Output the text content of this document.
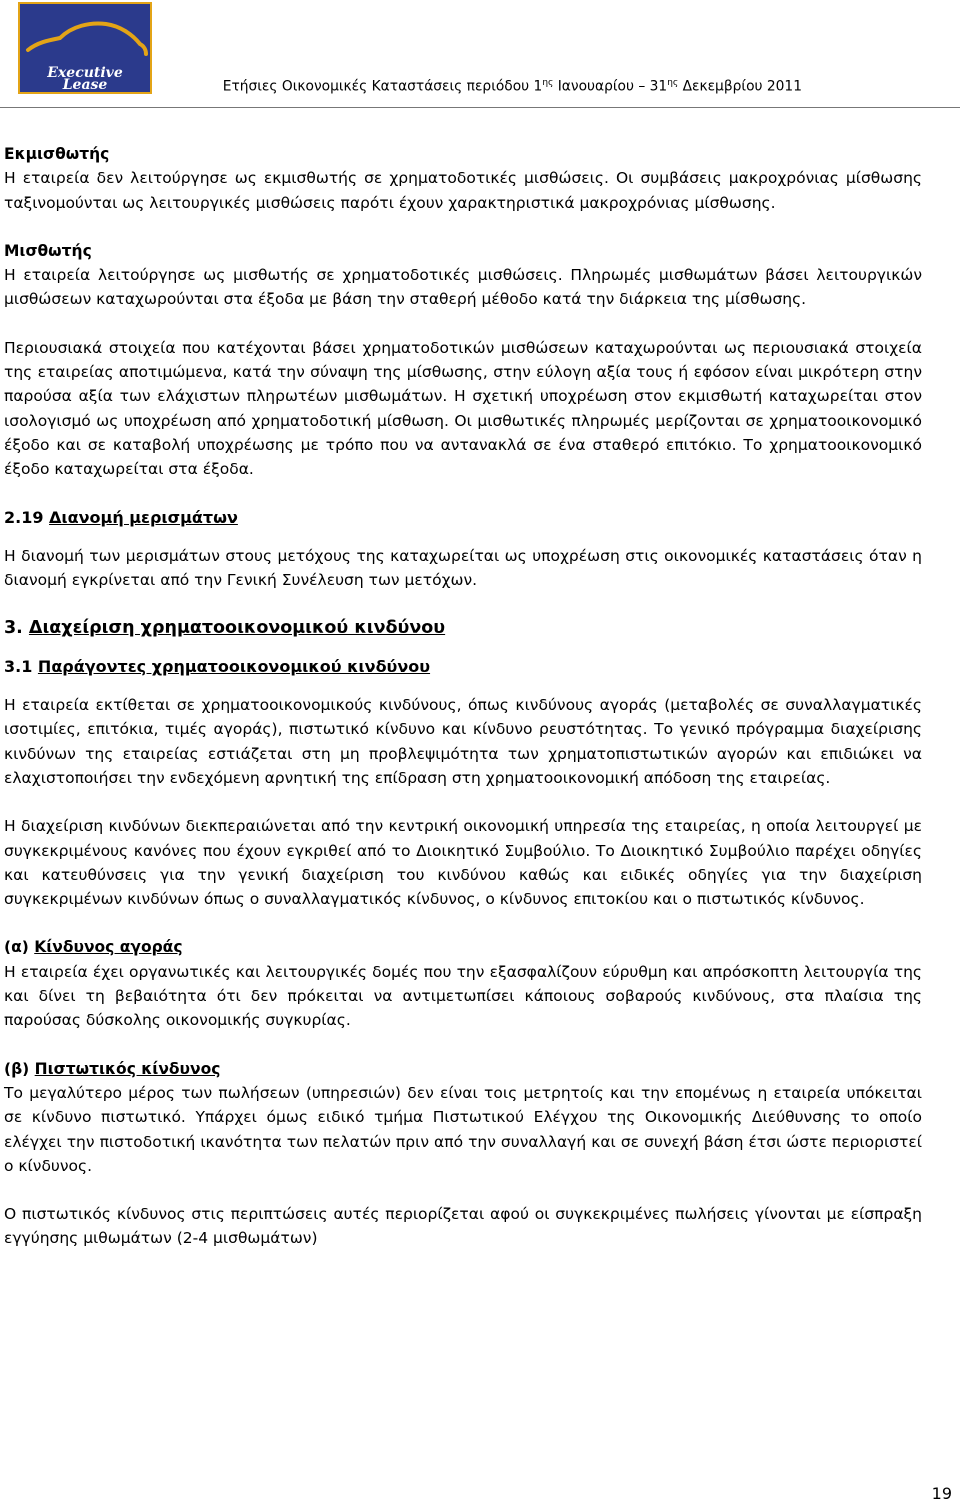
Executive
Lease	Ετήσιες Οικονομικές Καταστάσεις περιόδου $1^{\eta\varsigma}$ Ιανουαρίου – $31^{\eta\varsigma}$ Δεκεμβρίου 2011

Εκμισθωτής

Η εταιρεία δεν λειτούργησε ως εκμισθωτής σε χρηματοδοτικές μισθώσεις. Οι συμβάσεις μακροχρόνιας μίσθωσης ταξινομούνται ως λειτουργικές μισθώσεις παρότι έχουν χαρακτηριστικά μακροχρόνιας μίσθωσης.

Μισθωτής

Η εταιρεία λειτούργησε ως μισθωτής σε χρηματοδοτικές μισθώσεις. Πληρωμές μισθωμάτων βάσει λειτουργικών μισθώσεων καταχωρούνται στα έξοδα με βάση την σταθερή μέθοδο κατά την διάρκεια της μίσθωσης.

Περιουσιακά στοιχεία που κατέχονται βάσει χρηματοδοτικών μισθώσεων καταχωρούνται ως περιουσιακά στοιχεία της εταιρείας αποτιμώμενα, κατά την σύναψη της μίσθωσης, στην εύλογη αξία τους ή εφόσον είναι μικρότερη στην παρούσα αξία των ελάχιστων πληρωτέων μισθωμάτων. Η σχετική υποχρέωση στον εκμισθωτή καταχωρείται στον ισολογισμό ως υποχρέωση από χρηματοδοτική μίσθωση. Οι μισθωτικές πληρωμές μερίζονται σε χρηματοοικονομικό έξοδο και σε καταβολή υποχρέωσης με τρόπο που να αντανακλά σε ένα σταθερό επιτόκιο. Το χρηματοοικονομικό έξοδο καταχωρείται στα έξοδα.

2.19 Διανομή μερισμάτων

Η διανομή των μερισμάτων στους μετόχους της καταχωρείται ως υποχρέωση στις οικονομικές καταστάσεις όταν η διανομή εγκρίνεται από την Γενική Συνέλευση των μετόχων.

3. Διαχείριση χρηματοοικονομικού κινδύνου

3.1 Παράγοντες χρηματοοικονομικού κινδύνου

Η εταιρεία εκτίθεται σε χρηματοοικονομικούς κινδύνους, όπως κινδύνους αγοράς (μεταβολές σε συναλλαγματικές ισοτιμίες, επιτόκια, τιμές αγοράς), πιστωτικό κίνδυνο και κίνδυνο ρευστότητας. Το γενικό πρόγραμμα διαχείρισης κινδύνων της εταιρείας εστιάζεται στη μη προβλεψιμότητα των χρηματοπιστωτικών αγορών και επιδιώκει να ελαχιστοποιήσει την ενδεχόμενη αρνητική της επίδραση στη χρηματοοικονομική απόδοση της εταιρείας.

Η διαχείριση κινδύνων διεκπεραιώνεται από την κεντρική οικονομική υπηρεσία της εταιρείας, η οποία λειτουργεί με συγκεκριμένους κανόνες που έχουν εγκριθεί από το Διοικητικό Συμβούλιο. Το Διοικητικό Συμβούλιο παρέχει οδηγίες και κατευθύνσεις για την γενική διαχείριση του κινδύνου καθώς και ειδικές οδηγίες για την διαχείριση συγκεκριμένων κινδύνων όπως ο συναλλαγματικός κίνδυνος, ο κίνδυνος επιτοκίου και ο πιστωτικός κίνδυνος.

(α) Κίνδυνος αγοράς

Η εταιρεία έχει οργανωτικές και λειτουργικές δομές που την εξασφαλίζουν εύρυθμη και απρόσκοπτη λειτουργία της και δίνει τη βεβαιότητα ότι δεν πρόκειται να αντιμετωπίσει κάποιους σοβαρούς κινδύνους, στα πλαίσια της παρούσας δύσκολης οικονομικής συγκυρίας.

(β) Πιστωτικός κίνδυνος

Το μεγαλύτερο μέρος των πωλήσεων (υπηρεσιών) δεν είναι τοις μετρητοίς και την επομένως η εταιρεία υπόκειται σε κίνδυνο πιστωτικό. Υπάρχει όμως ειδικό τμήμα Πιστωτικού Ελέγχου της Οικονομικής Διεύθυνσης το οποίο ελέγχει την πιστοδοτική ικανότητα των πελατών πριν από την συναλλαγή και σε συνεχή βάση έτσι ώστε περιοριστεί ο κίνδυνος.

Ο πιστωτικός κίνδυνος στις περιπτώσεις αυτές περιορίζεται αφού οι συγκεκριμένες πωλήσεις γίνονται με είσπραξη εγγύησης μιθωμάτων (2-4 μισθωμάτων)

19
